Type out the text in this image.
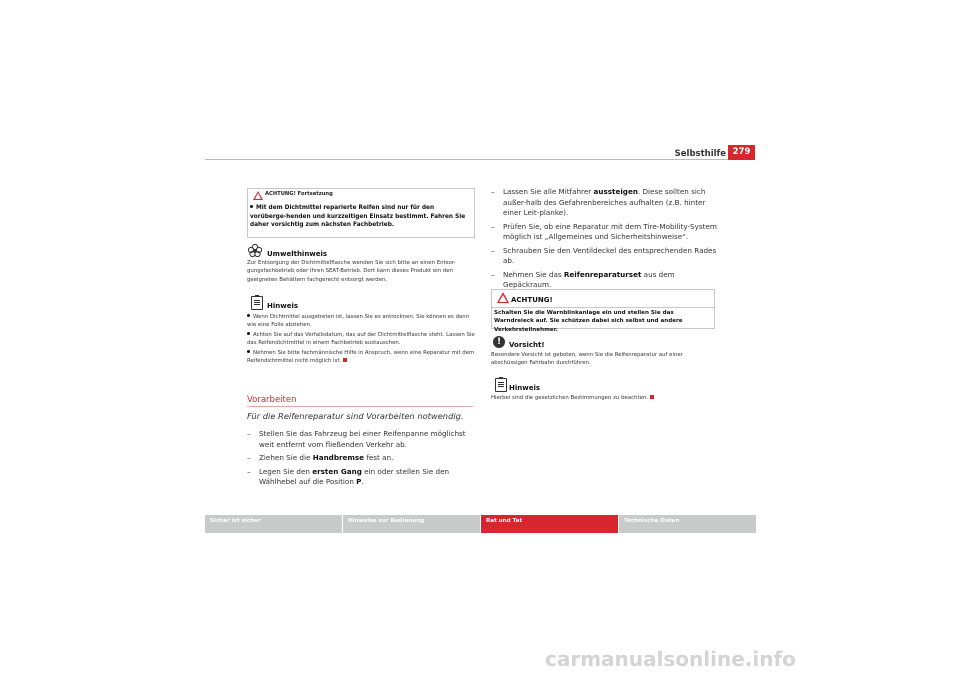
Selbsthilfe 279
ACHTUNG! Fortsetzung
Mit dem Dichtmittel reparierte Reifen sind nur für den vorüberge-henden und kurzzeitigen Einsatz bestimmt. Fahren Sie daher vorsichtig zum nächsten Fachbetrieb.
Umwelthinweis
Zur Entsorgung der Dichtmittelflasche wenden Sie sich bitte an einen Entsor-gungsfachbetrieb oder Ihren SEAT-Betrieb. Dort kann dieses Produkt ein den geeigneten Behältern fachgerecht entsorgt werden.
Hinweis
Wenn Dichtmittel ausgetreten ist, lassen Sie es antrocknen. Sie können es dann wie eine Folie abziehen.
Achten Sie auf das Verfallsdatum, das auf der Dichtmittelflasche steht. Lassen Sie das Reifendichtmittel in einem Fachbetrieb austauschen.
Nehmen Sie bitte fachmännische Hilfe in Anspruch, wenn eine Reparatur mit dem Reifendichtmittel nicht möglich ist.
Vorarbeiten
Für die Reifenreparatur sind Vorarbeiten notwendig.
– Stellen Sie das Fahrzeug bei einer Reifenpanne möglichst weit entfernt vom fließenden Verkehr ab.
– Ziehen Sie die Handbremse fest an.
– Legen Sie den ersten Gang ein oder stellen Sie den Wählhebel auf die Position P.
– Lassen Sie alle Mitfahrer aussteigen. Diese sollten sich außer-halb des Gefahrenbereiches aufhalten (z.B. hinter einer Leit-planke).
– Prüfen Sie, ob eine Reparatur mit dem Tire-Mobility-System möglich ist „Allgemeines und Sicherheitshinweise“.
– Schrauben Sie den Ventildeckel des entsprechenden Rades ab.
– Nehmen Sie das Reifenreparaturset aus dem Gepäckraum.
ACHTUNG!
Schalten Sie die Warnblinkanlage ein und stellen Sie das Warndreieck auf. Sie schützen dabei sich selbst und andere Verkehrsteilnehmer.
!	Vorsicht!
Besondere Vorsicht ist geboten, wenn Sie die Reifenreparatur auf einer abschüssigen Fahrbahn durchführen.
Hinweis
Hierbei sind die gesetzlichen Bestimmungen zu beachten.
Sicher ist sicher	Hinweise zur Bedienung	Rat und Tat	Technische Daten
carmanualsonline.info
